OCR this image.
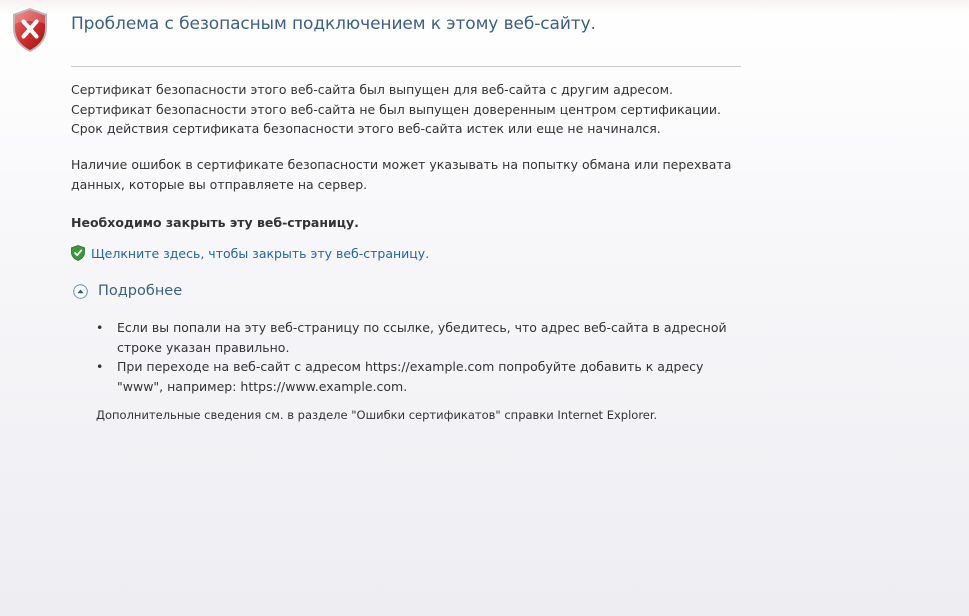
Проблема с безопасным подключением к этому веб-сайту.
Сертификат безопасности этого веб-сайта был выпущен для веб-сайта с другим адресом.
Сертификат безопасности этого веб-сайта не был выпущен доверенным центром сертификации.
Срок действия сертификата безопасности этого веб-сайта истек или еще не начинался.

Наличие ошибок в сертификате безопасности может указывать на попытку обмана или перехвата данных, которые вы отправляете на сервер.

Необходимо закрыть эту веб-страницу.

Щелкните здесь, чтобы закрыть эту веб-страницу.
Подробнее
• Если вы попали на эту веб-страницу по ссылке, убедитесь, что адрес веб-сайта в адресной строке указан правильно.
• При переходе на веб-сайт с адресом https://example.com попробуйте добавить к адресу "www", например: https://www.example.com.

Дополнительные сведения см. в разделе "Ошибки сертификатов" справки Internet Explorer.
